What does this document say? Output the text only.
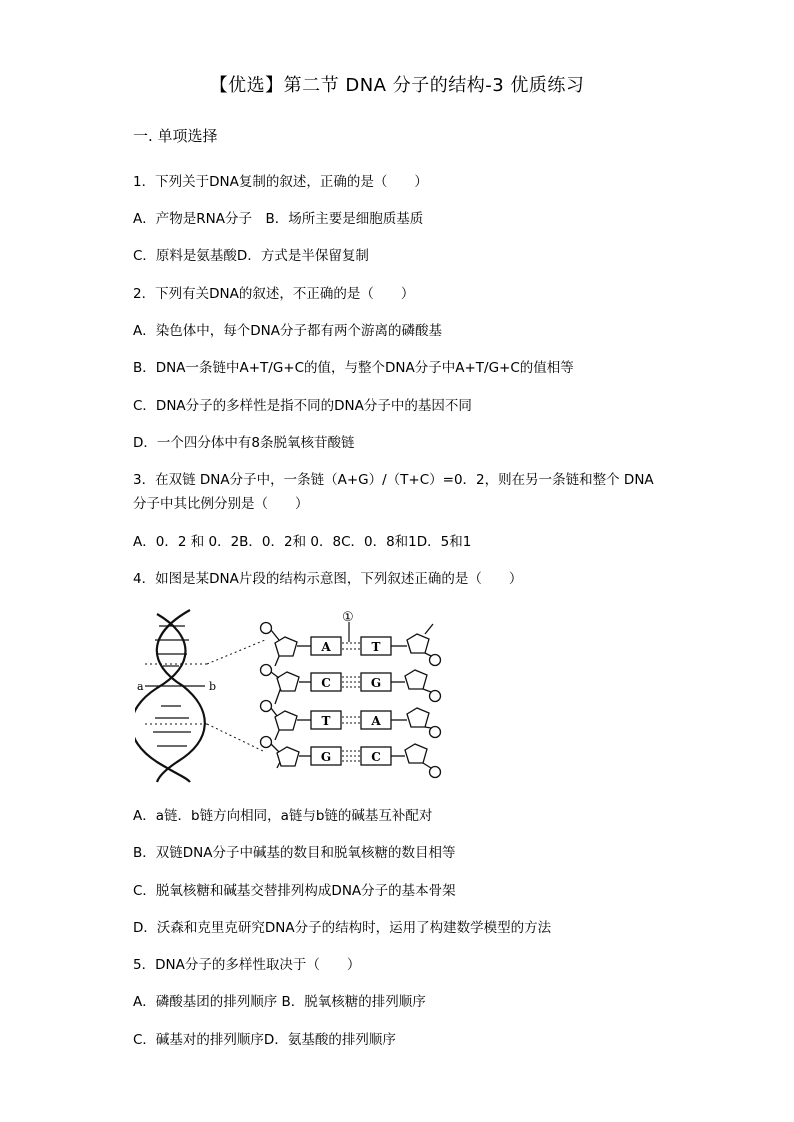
【优选】第二节 DNA 分子的结构-3 优质练习
一. 单项选择
1．下列关于DNA复制的叙述，正确的是（　　）
A．产物是RNA分子　B．场所主要是细胞质基质
C．原料是氨基酸D．方式是半保留复制
2．下列有关DNA的叙述，不正确的是（　　）
A．染色体中，每个DNA分子都有两个游离的磷酸基
B．DNA一条链中A+T/G+C的值，与整个DNA分子中A+T/G+C的值相等
C．DNA分子的多样性是指不同的DNA分子中的基因不同
D．一个四分体中有8条脱氧核苷酸链
3．在双链 DNA分子中，一条链（A+G）/（T+C）=0．2，则在另一条链和整个 DNA
分子中其比例分别是（　　）
A．0．2 和 0．2B．0．2和 0．8C．0．8和1D．5和1
4．如图是某DNA片段的结构示意图，下列叙述正确的是（　　）
a	b
①
A	T
C	G
T	A
G	C
A．a链．b链方向相同，a链与b链的碱基互补配对
B．双链DNA分子中碱基的数目和脱氧核糖的数目相等
C．脱氧核糖和碱基交替排列构成DNA分子的基本骨架
D．沃森和克里克研究DNA分子的结构时，运用了构建数学模型的方法
5．DNA分子的多样性取决于（　　）
A．磷酸基团的排列顺序 B．脱氧核糖的排列顺序
C．碱基对的排列顺序D．氨基酸的排列顺序
